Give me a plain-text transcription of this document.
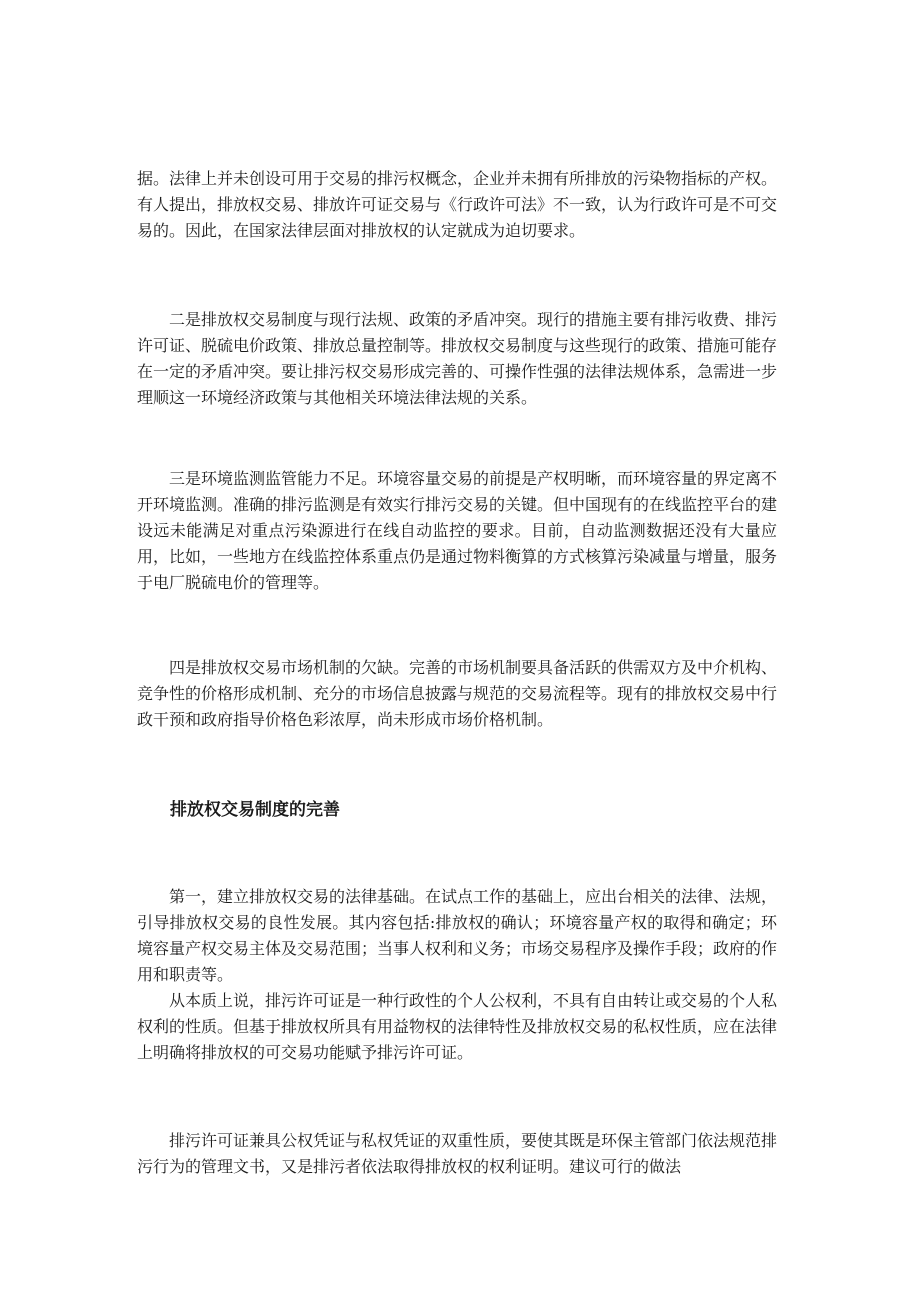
据。法律上并未创设可用于交易的排污权概念，企业并未拥有所排放的污染物指标的产权。有人提出，排放权交易、排放许可证交易与《行政许可法》不一致，认为行政许可是不可交易的。因此，在国家法律层面对排放权的认定就成为迫切要求。

二是排放权交易制度与现行法规、政策的矛盾冲突。现行的措施主要有排污收费、排污许可证、脱硫电价政策、排放总量控制等。排放权交易制度与这些现行的政策、措施可能存在一定的矛盾冲突。要让排污权交易形成完善的、可操作性强的法律法规体系，急需进一步理顺这一环境经济政策与其他相关环境法律法规的关系。

三是环境监测监管能力不足。环境容量交易的前提是产权明晰，而环境容量的界定离不开环境监测。准确的排污监测是有效实行排污交易的关键。但中国现有的在线监控平台的建设远未能满足对重点污染源进行在线自动监控的要求。目前，自动监测数据还没有大量应用，比如，一些地方在线监控体系重点仍是通过物料衡算的方式核算污染减量与增量，服务于电厂脱硫电价的管理等。

四是排放权交易市场机制的欠缺。完善的市场机制要具备活跃的供需双方及中介机构、竞争性的价格形成机制、充分的市场信息披露与规范的交易流程等。现有的排放权交易中行政干预和政府指导价格色彩浓厚，尚未形成市场价格机制。

排放权交易制度的完善

第一，建立排放权交易的法律基础。在试点工作的基础上，应出台相关的法律、法规，引导排放权交易的良性发展。其内容包括:排放权的确认；环境容量产权的取得和确定；环境容量产权交易主体及交易范围；当事人权利和义务；市场交易程序及操作手段；政府的作用和职责等。

从本质上说，排污许可证是一种行政性的个人公权利，不具有自由转让或交易的个人私权利的性质。但基于排放权所具有用益物权的法律特性及排放权交易的私权性质，应在法律上明确将排放权的可交易功能赋予排污许可证。

排污许可证兼具公权凭证与私权凭证的双重性质，要使其既是环保主管部门依法规范排污行为的管理文书，又是排污者依法取得排放权的权利证明。建议可行的做法
